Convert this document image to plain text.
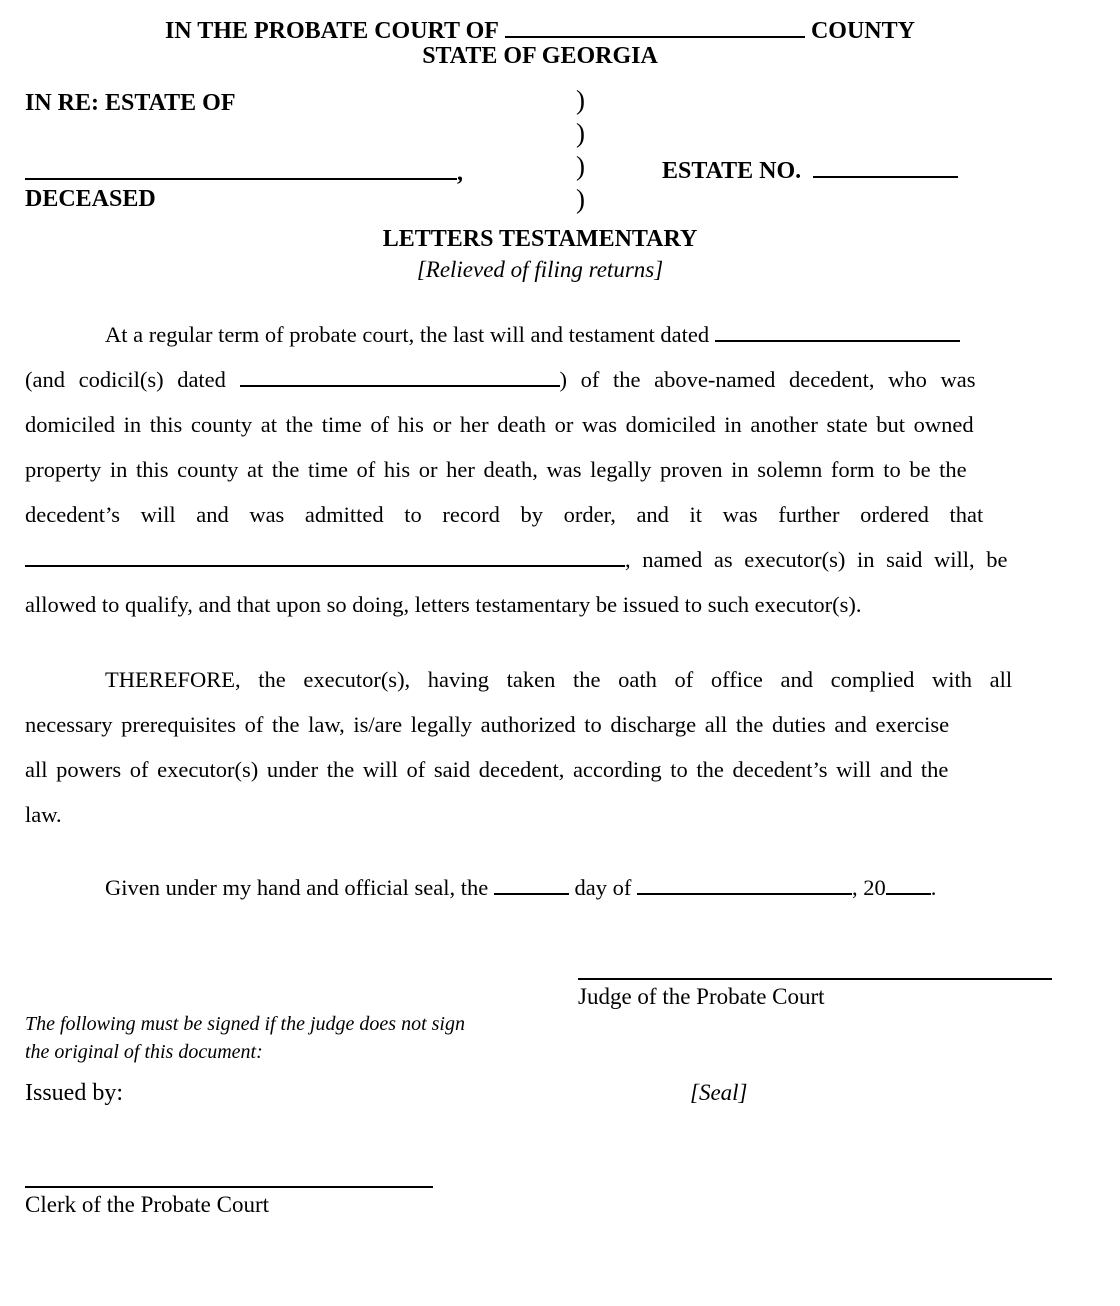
IN THE PROBATE COURT OF	COUNTY
STATE OF GEORGIA
IN RE: ESTATE OF	)
)
)
)
,
DECEASED
ESTATE NO.
LETTERS TESTAMENTARY
[Relieved of filing returns]
At a regular term of probate court, the last will and testament dated
(and codicil(s) dated	) of the above-named decedent, who was
domiciled in this county at the time of his or her death or was domiciled in another state but owned
property in this county at the time of his or her death, was legally proven in solemn form to be the
decedent’s will and was admitted to record by order, and it was further ordered that
, named as executor(s) in said will, be
allowed to qualify, and that upon so doing, letters testamentary be issued to such executor(s).
THEREFORE, the executor(s), having taken the oath of office and complied with all
necessary prerequisites of the law, is/are legally authorized to discharge all the duties and exercise
all powers of executor(s) under the will of said decedent, according to the decedent’s will and the
law.
Given under my hand and official seal, the	day of	, 20 .
Judge of the Probate Court
The following must be signed if the judge does not sign the original of this document:
Issued by:	[Seal]
Clerk of the Probate Court
